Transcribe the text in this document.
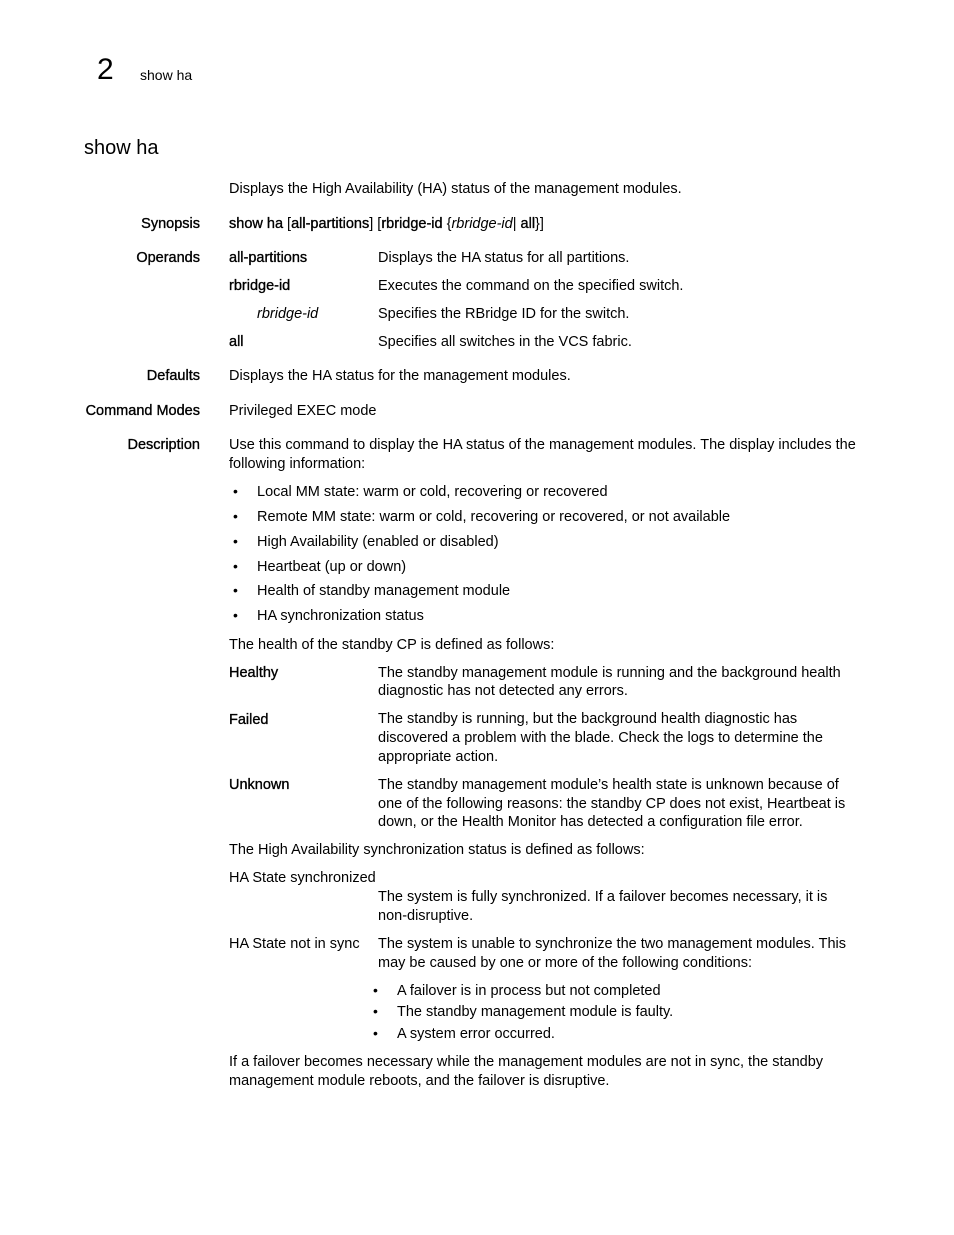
2 show ha
show ha
Displays the High Availability (HA) status of the management modules.
Synopsis show ha [all-partitions] [rbridge-id {rbridge-id| all}]
Operands all-partitions	Displays the HA status for all partitions.
rbridge-id	Executes the command on the specified switch.
rbridge-id	Specifies the RBridge ID for the switch.
all	Specifies all switches in the VCS fabric.
Defaults Displays the HA status for the management modules.
Command Modes Privileged EXEC mode
Description Use this command to display the HA status of the management modules. The display includes the
following information:
• Local MM state: warm or cold, recovering or recovered
• Remote MM state: warm or cold, recovering or recovered, or not available
• High Availability (enabled or disabled)
• Heartbeat (up or down)
• Health of standby management module
• HA synchronization status
The health of the standby CP is defined as follows:
Healthy	The standby management module is running and the background health
diagnostic has not detected any errors.
Failed	The standby is running, but the background health diagnostic has
discovered a problem with the blade. Check the logs to determine the
appropriate action.
Unknown	The standby management module’s health state is unknown because of
one of the following reasons: the standby CP does not exist, Heartbeat is
down, or the Health Monitor has detected a configuration file error.
The High Availability synchronization status is defined as follows:
HA State synchronized
The system is fully synchronized. If a failover becomes necessary, it is
non-disruptive.
HA State not in sync The system is unable to synchronize the two management modules. This
may be caused by one or more of the following conditions:
• A failover is in process but not completed
• The standby management module is faulty.
• A system error occurred.
If a failover becomes necessary while the management modules are not in sync, the standby
management module reboots, and the failover is disruptive.
